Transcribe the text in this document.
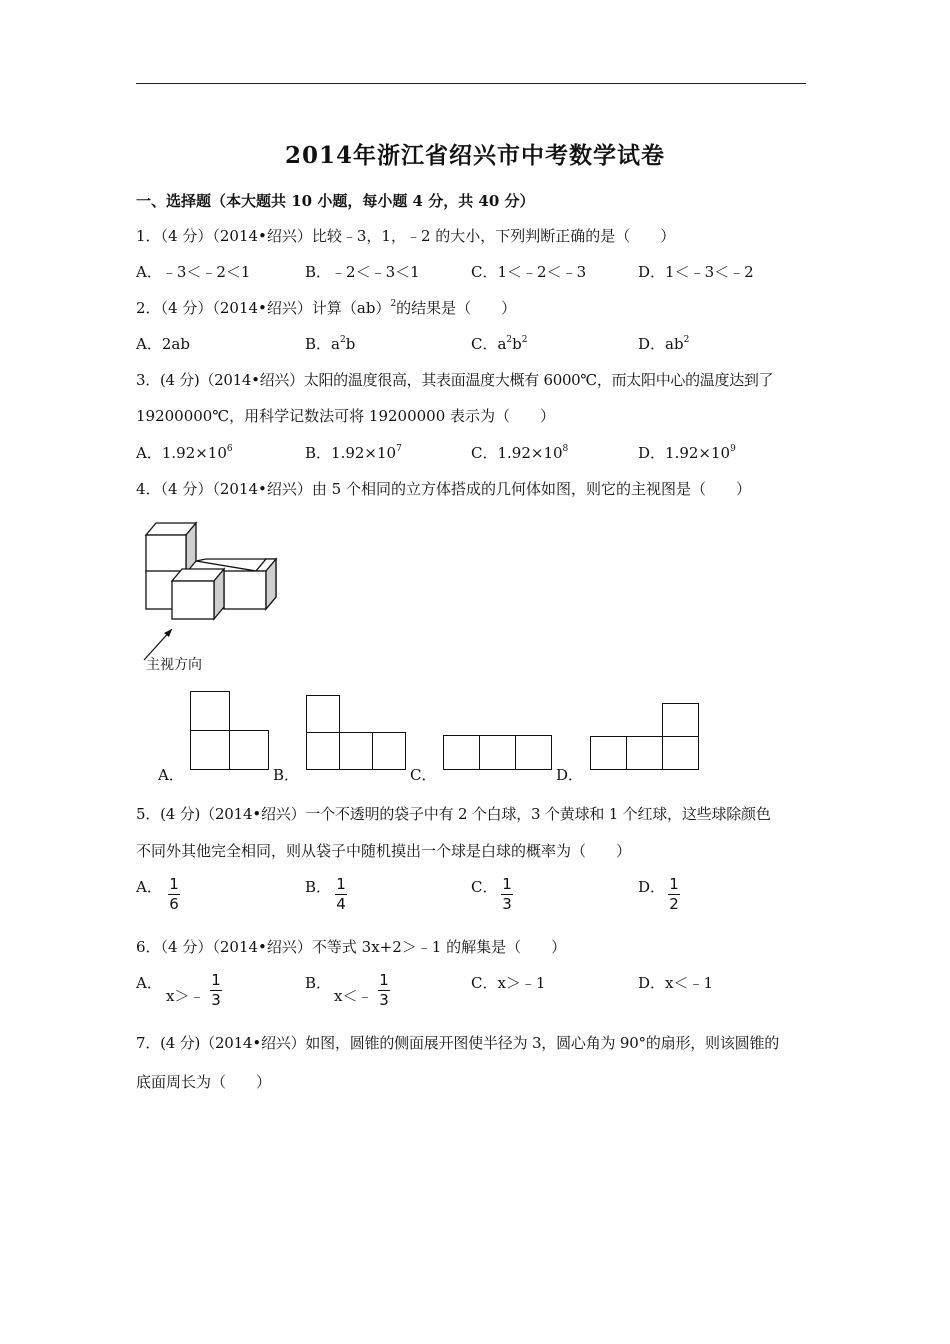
2014年浙江省绍兴市中考数学试卷
一、选择题（本大题共 10 小题，每小题 4 分，共 40 分）
1．（4 分）（2014•绍兴）比较﹣3，1，﹣2 的大小，下列判断正确的是（　　）
A．﹣3＜﹣2＜1	B．﹣2＜﹣3＜1	C．1＜﹣2＜﹣3	D．1＜﹣3＜﹣2
2．（4 分）（2014•绍兴）计算（ab）$^2$的结果是（　　）
A．2ab	B．$a^2b$	C．$a^2b^2$	D．$ab^2$
3．(4 分)（2014•绍兴）太阳的温度很高，其表面温度大概有 6000℃，而太阳中心的温度达到了
19200000℃，用科学记数法可将 19200000 表示为（　　）
A．$1.92\times 10^6$	B．$1.92\times 10^7$	C．$1.92\times 10^8$	D．$1.92\times 10^9$
4．（4 分）（2014•绍兴）由 5 个相同的立方体搭成的几何体如图，则它的主视图是（　　）
主视方向
A．	B．	C．	D．
5．(4 分)（2014•绍兴）一个不透明的袋子中有 2 个白球，3 个黄球和 1 个红球，这些球除颜色
不同外其他完全相同，则从袋子中随机摸出一个球是白球的概率为（　　）
A． 1
6
B． 1
4
C． 1
3
D． 1
2
6．（4 分）（2014•绍兴）不等式 3x+2＞﹣1 的解集是（　　）
A．
x＞﹣
1
3
B．
x＜﹣
1
3
C．x＞﹣1	D．x＜﹣1
7．(4 分)（2014•绍兴）如图，圆锥的侧面展开图使半径为 3，圆心角为 90°的扇形，则该圆锥的
底面周长为（　　）
